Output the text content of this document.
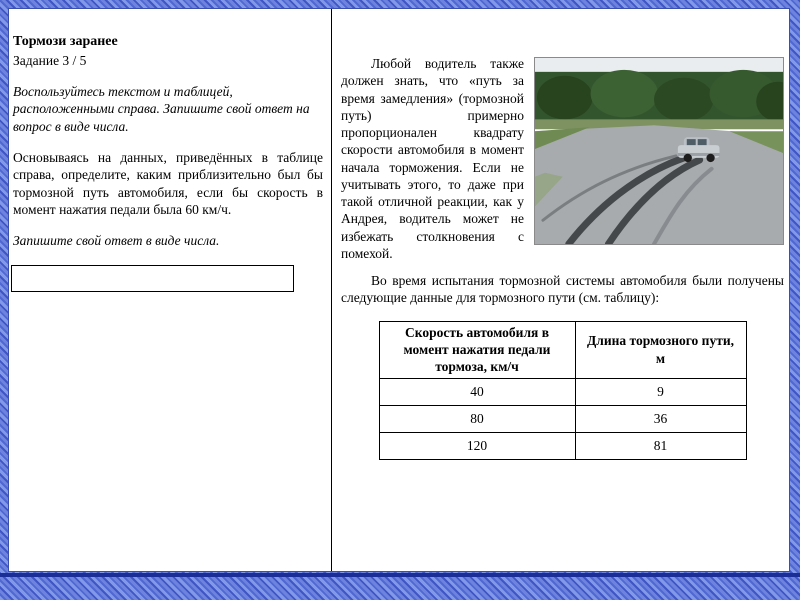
Тормози заранее
Задание 3 / 5

Воспользуйтесь текстом и таблицей, расположенными справа. Запишите свой ответ на вопрос в виде числа.

Основываясь на данных, приведённых в таблице справа, определите, каким приблизительно был бы тормозной путь автомобиля, если бы скорость в момент нажатия педали была 60 км/ч.

Запишите свой ответ в виде числа.

Любой водитель также должен знать, что «путь за время замедления» (тормозной путь) примерно пропорционален квадрату скорости автомобиля в момент начала торможения. Если не учитывать этого, то даже при такой отличной реакции, как у Андрея, водитель может не избежать столкновения с помехой.

Во время испытания тормозной системы автомобиля были получены следующие данные для тормозного пути (см. таблицу):

Скорость автомобиля в момент нажатия педали тормоза, км/ч	Длина тормозного пути, м
40	9
80	36
120	81
